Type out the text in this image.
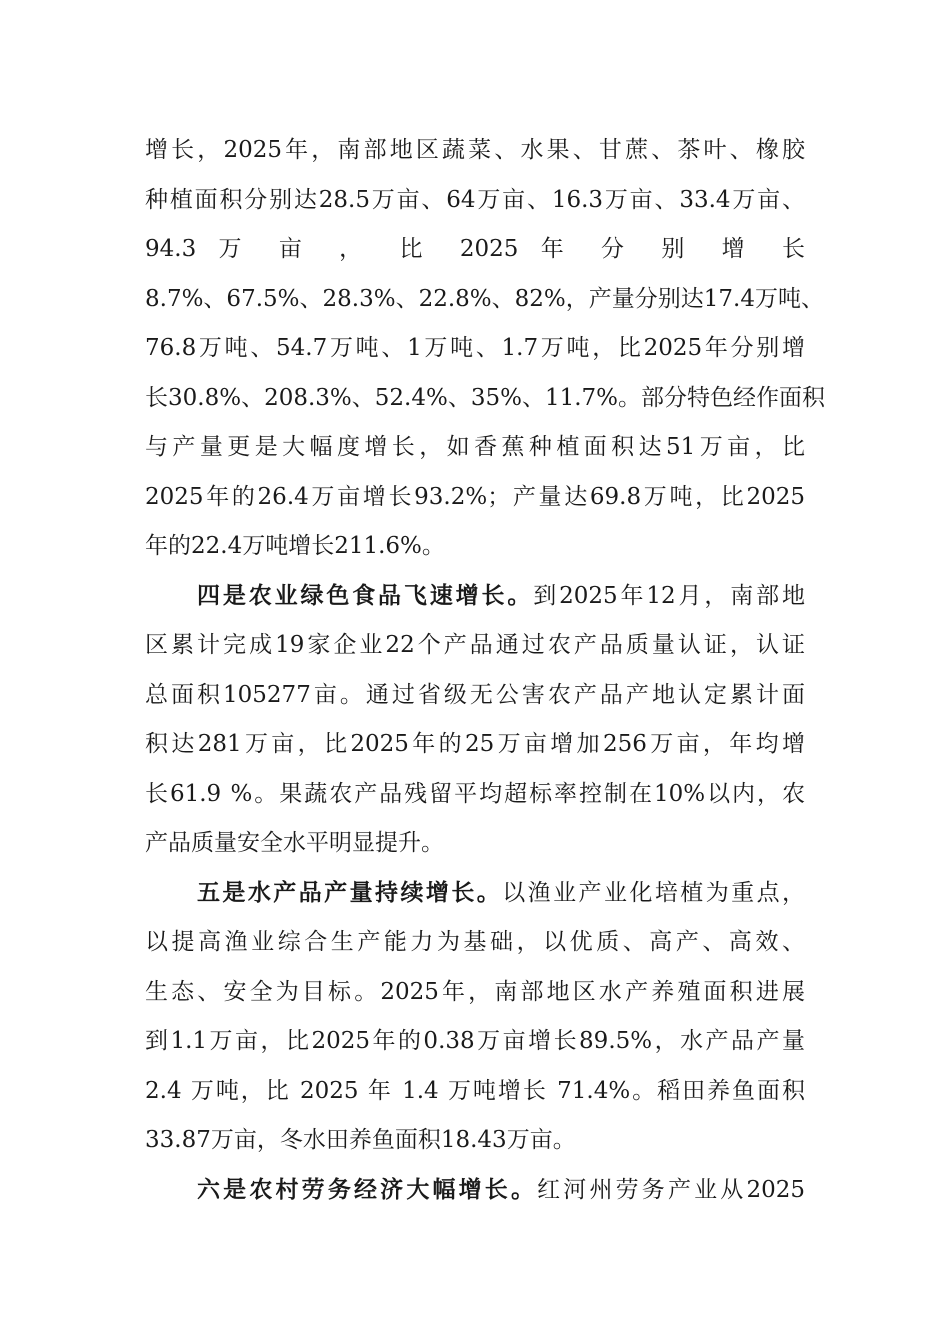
增长，2025年，南部地区蔬菜、水果、甘蔗、茶叶、橡胶
种植面积分别达28.5万亩、64万亩、16.3万亩、33.4万亩、
94.3 万 亩 ， 比 2025 年 分 别 增 长
8.7%、67.5%、28.3%、22.8%、82%，产量分别达17.4万吨、
76.8万吨、54.7万吨、1万吨、1.7万吨，比2025年分别增
长30.8%、208.3%、52.4%、35%、11.7%。部分特色经作面积
与产量更是大幅度增长，如香蕉种植面积达51万亩，比
2025年的26.4万亩增长93.2%；产量达69.8万吨，比2025
年的22.4万吨增长211.6%。
四是农业绿色食品飞速增长。到2025年12月，南部地
区累计完成19家企业22个产品通过农产品质量认证，认证
总面积105277亩。通过省级无公害农产品产地认定累计面
积达281万亩，比2025年的25万亩增加256万亩，年均增
长61.9 %。果蔬农产品残留平均超标率控制在10%以内，农
产品质量安全水平明显提升。
五是水产品产量持续增长。以渔业产业化培植为重点，
以提高渔业综合生产能力为基础，以优质、高产、高效、
生态、安全为目标。2025年，南部地区水产养殖面积进展
到1.1万亩，比2025年的0.38万亩增长89.5%，水产品产量
2.4 万吨，比 2025 年 1.4 万吨增长 71.4%。稻田养鱼面积
33.87万亩，冬水田养鱼面积18.43万亩。
六是农村劳务经济大幅增长。红河州劳务产业从2025
